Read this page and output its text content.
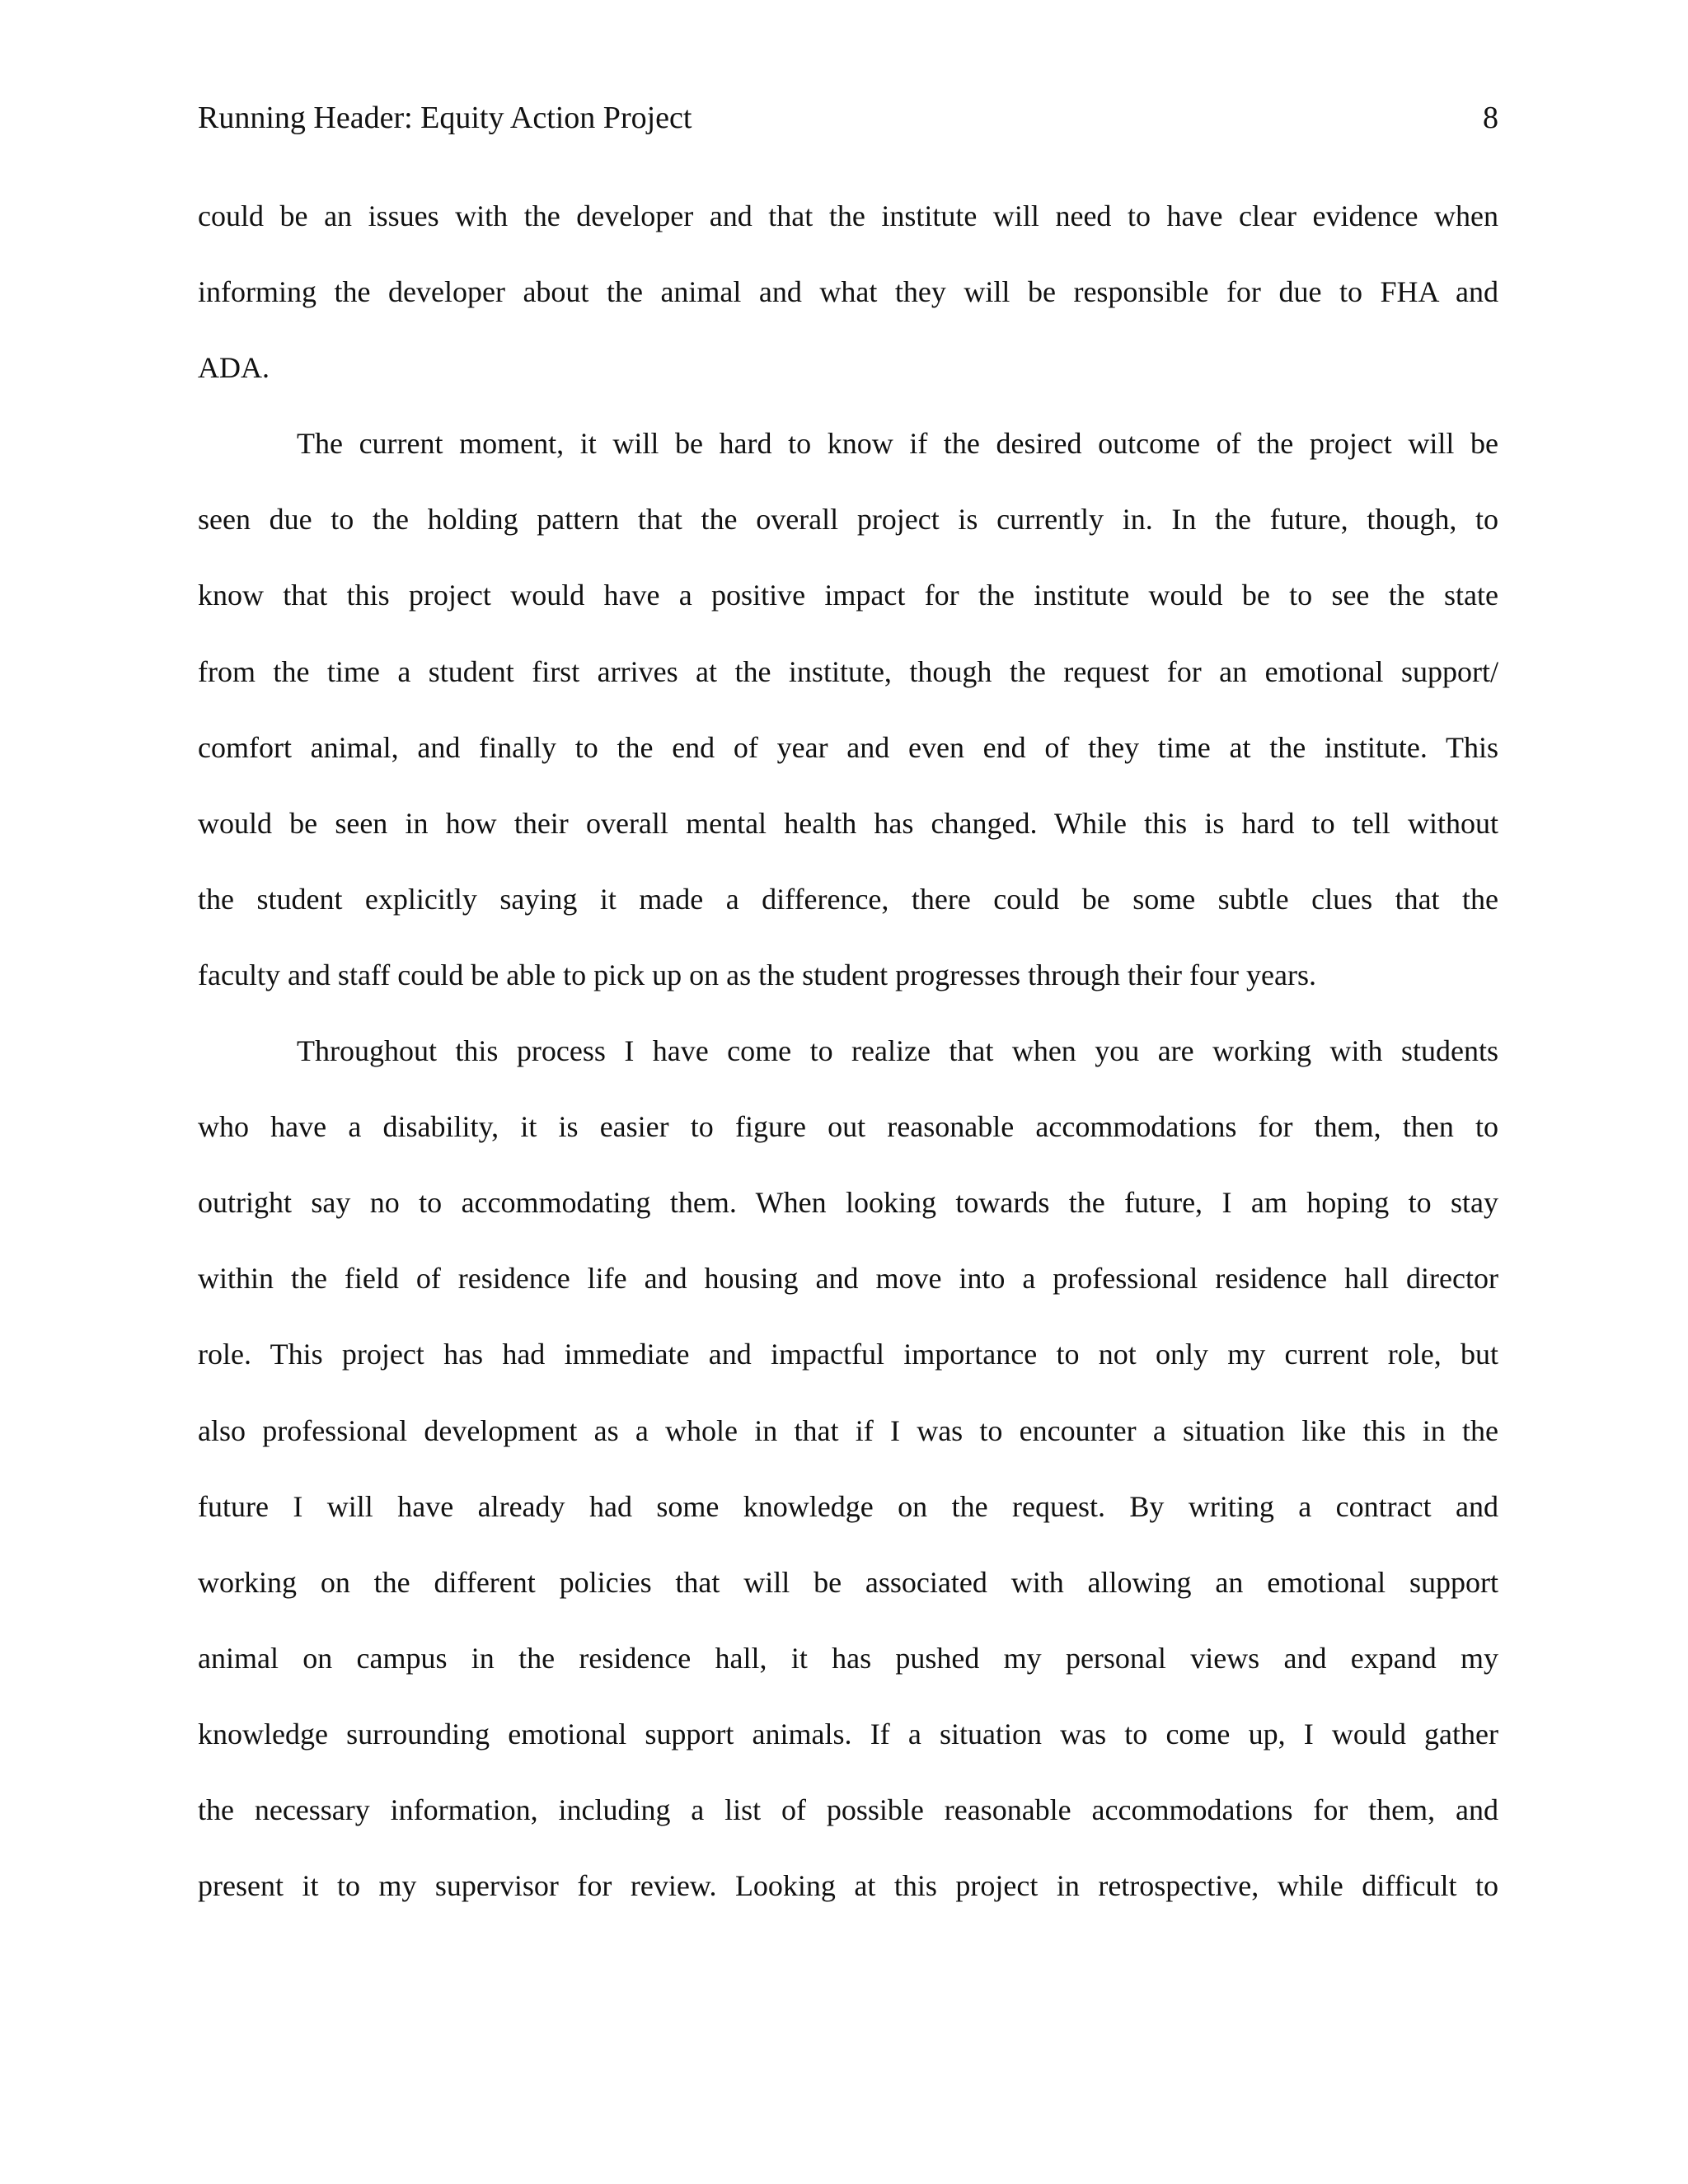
Running Header: Equity Action Project	8
could be an issues with the developer and that the institute will need to have clear evidence when
informing the developer about the animal and what they will be responsible for due to FHA and
ADA.
The current moment, it will be hard to know if the desired outcome of the project will be
seen due to the holding pattern that the overall project is currently in. In the future, though, to
know that this project would have a positive impact for the institute would be to see the state
from the time a student first arrives at the institute, though the request for an emotional support/
comfort animal, and finally to the end of year and even end of they time at the institute. This
would be seen in how their overall mental health has changed. While this is hard to tell without
the student explicitly saying it made a difference, there could be some subtle clues that the
faculty and staff could be able to pick up on as the student progresses through their four years.
Throughout this process I have come to realize that when you are working with students
who have a disability, it is easier to figure out reasonable accommodations for them, then to
outright say no to accommodating them. When looking towards the future, I am hoping to stay
within the field of residence life and housing and move into a professional residence hall director
role. This project has had immediate and impactful importance to not only my current role, but
also professional development as a whole in that if I was to encounter a situation like this in the
future I will have already had some knowledge on the request. By writing a contract and
working on the different policies that will be associated with allowing an emotional support
animal on campus in the residence hall, it has pushed my personal views and expand my
knowledge surrounding emotional support animals. If a situation was to come up, I would gather
the necessary information, including a list of possible reasonable accommodations for them, and
present it to my supervisor for review. Looking at this project in retrospective, while difficult to
